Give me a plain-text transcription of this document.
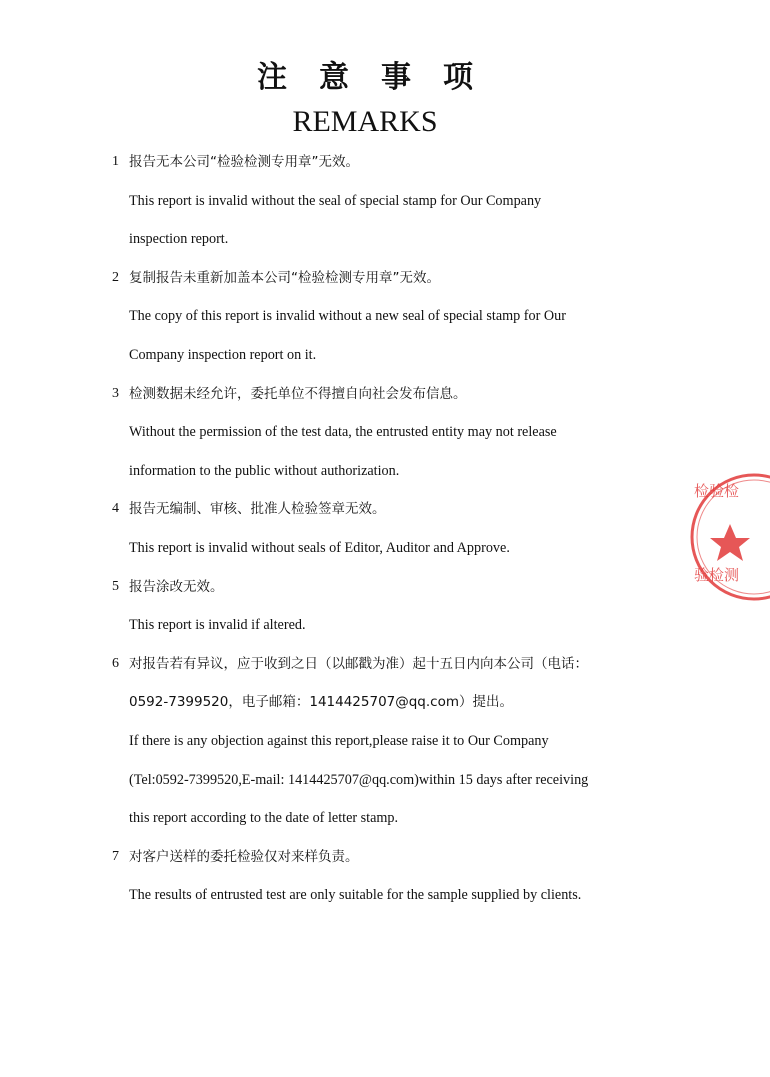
注意事项
REMARKS
1 报告无本公司“检验检测专用章”无效。
This report is invalid without the seal of special stamp for Our Company
inspection report.
2 复制报告未重新加盖本公司“检验检测专用章”无效。
The copy of this report is invalid without a new seal of special stamp for Our
Company inspection report on it.
3 检测数据未经允许，委托单位不得擅自向社会发布信息。
Without the permission of the test data, the entrusted entity may not release
information to the public without authorization.
4 报告无编制、审核、批准人检验签章无效。
This report is invalid without seals of Editor, Auditor and Approve.
5 报告涂改无效。
This report is invalid if altered.
6 对报告若有异议，应于收到之日（以邮戳为准）起十五日内向本公司（电话：
0592-7399520，电子邮箱：1414425707@qq.com）提出。
If there is any objection against this report,please raise it to Our Company
(Tel:0592-7399520,E-mail: 1414425707@qq.com)within 15 days after receiving
this report according to the date of letter stamp.
7 对客户送样的委托检验仅对来样负责。
The results of entrusted test are only suitable for the sample supplied by clients.
检验检
验检测
